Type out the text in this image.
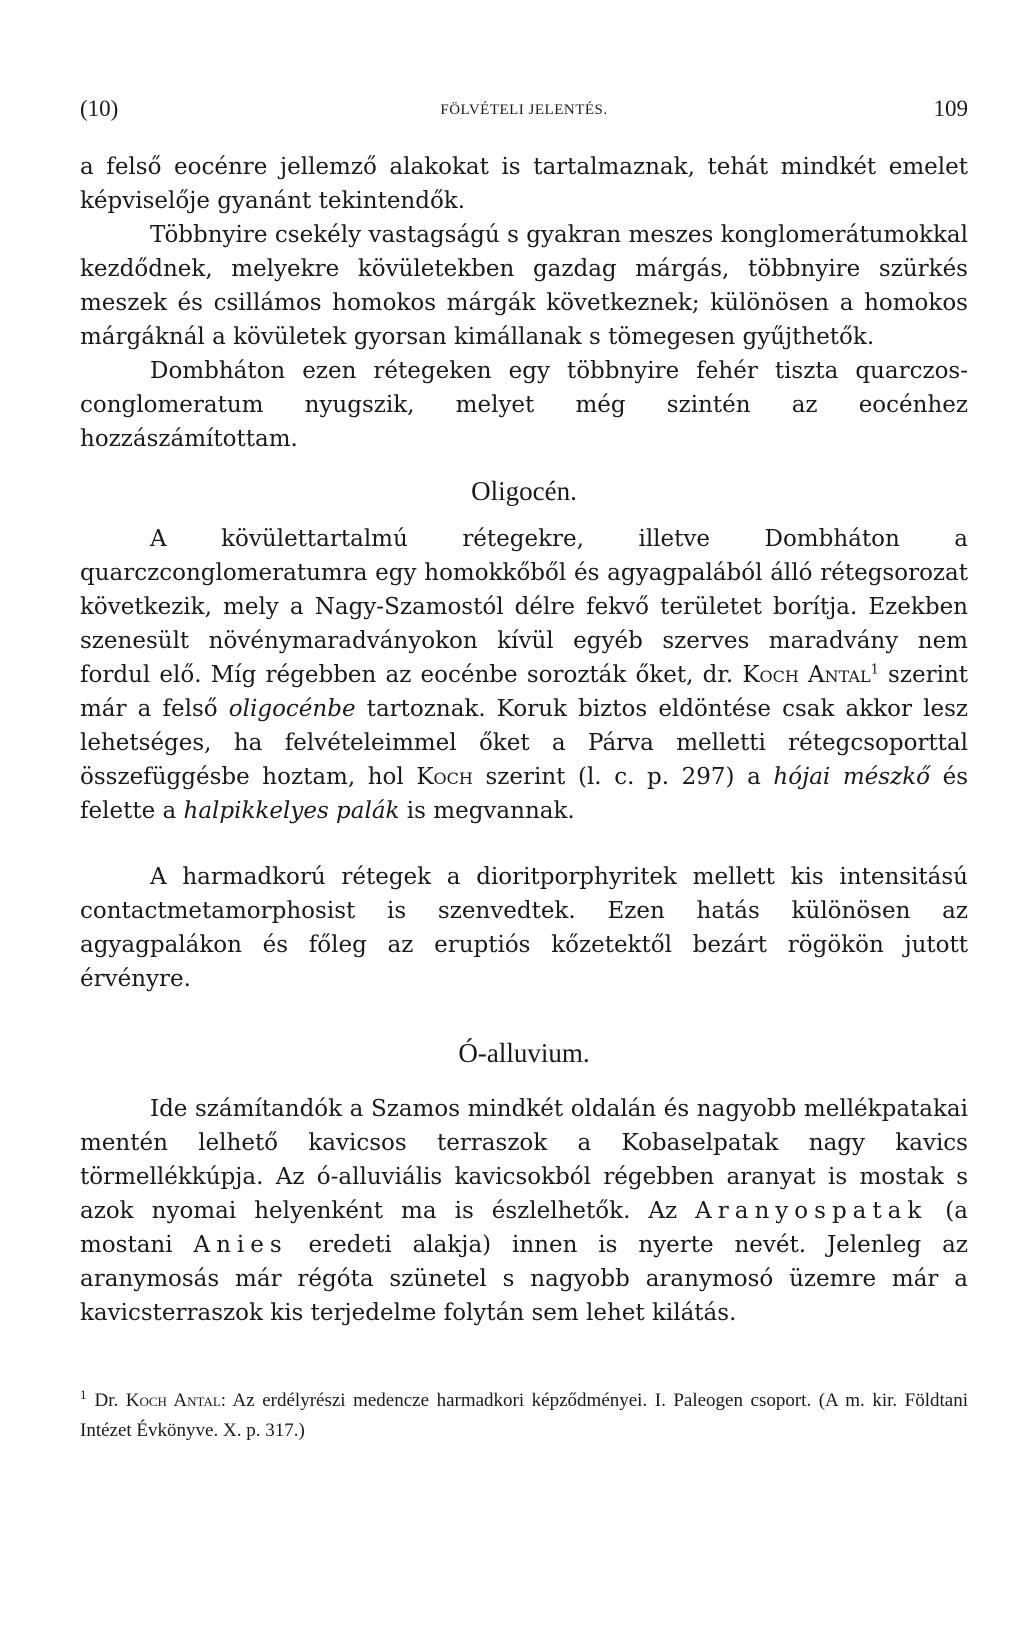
(10)	FÖLVÉTELI JELENTÉS.	109

a felső eocénre jellemző alakokat is tartalmaznak, tehát mindkét emelet képviselője gyanánt tekintendők.

Többnyire csekély vastagságú s gyakran meszes konglomerátumokkal kezdődnek, melyekre kövületekben gazdag márgás, többnyire szürkés meszek és csillámos homokos márgák következnek; különösen a homokos márgáknál a kövületek gyorsan kimállanak s tömegesen gyűjthetők.

Dombháton ezen rétegeken egy többnyire fehér tiszta quarczos-conglomeratum nyugszik, melyet még szintén az eocénhez hozzászámítottam.

Oligocén.

A kövülettartalmú rétegekre, illetve Dombháton a quarczconglomeratumra egy homokkőből és agyagpalából álló rétegsorozat következik, mely a Nagy-Szamostól délre fekvő területet borítja. Ezekben szenesült növénymaradványokon kívül egyéb szerves maradvány nem fordul elő. Míg régebben az eocénbe sorozták őket, dr. Koch Antal$^1$ szerint már a felső oligocénbe tartoznak. Koruk biztos eldöntése csak akkor lesz lehetséges, ha felvételeimmel őket a Párva melletti rétegcsoporttal összefüggésbe hoztam, hol Koch szerint (l. c. p. 297) a hójai mészkő és felette a halpikkelyes palák is megvannak.

A harmadkorú rétegek a dioritporphyritek mellett kis intensitású contactmetamorphosist is szenvedtek. Ezen hatás különösen az agyagpalákon és főleg az eruptiós kőzetektől bezárt rögökön jutott érvényre.

Ó-alluvium.

Ide számítandók a Szamos mindkét oldalán és nagyobb mellékpatakai mentén lelhető kavicsos terraszok a Kobaselpatak nagy kavics törmellékkúpja. Az ó-alluviális kavicsokból régebben aranyat is mostak s azok nyomai helyenként ma is észlelhetők. Az Aranyospatak (a mostani Anies eredeti alakja) innen is nyerte nevét. Jelenleg az aranymosás már régóta szünetel s nagyobb aranymosó üzemre már a kavicsterraszok kis terjedelme folytán sem lehet kilátás.

$^1$ Dr. Koch Antal: Az erdélyrészi medencze harmadkori képződményei. I. Paleogen csoport. (A m. kir. Földtani Intézet Évkönyve. X. p. 317.)
